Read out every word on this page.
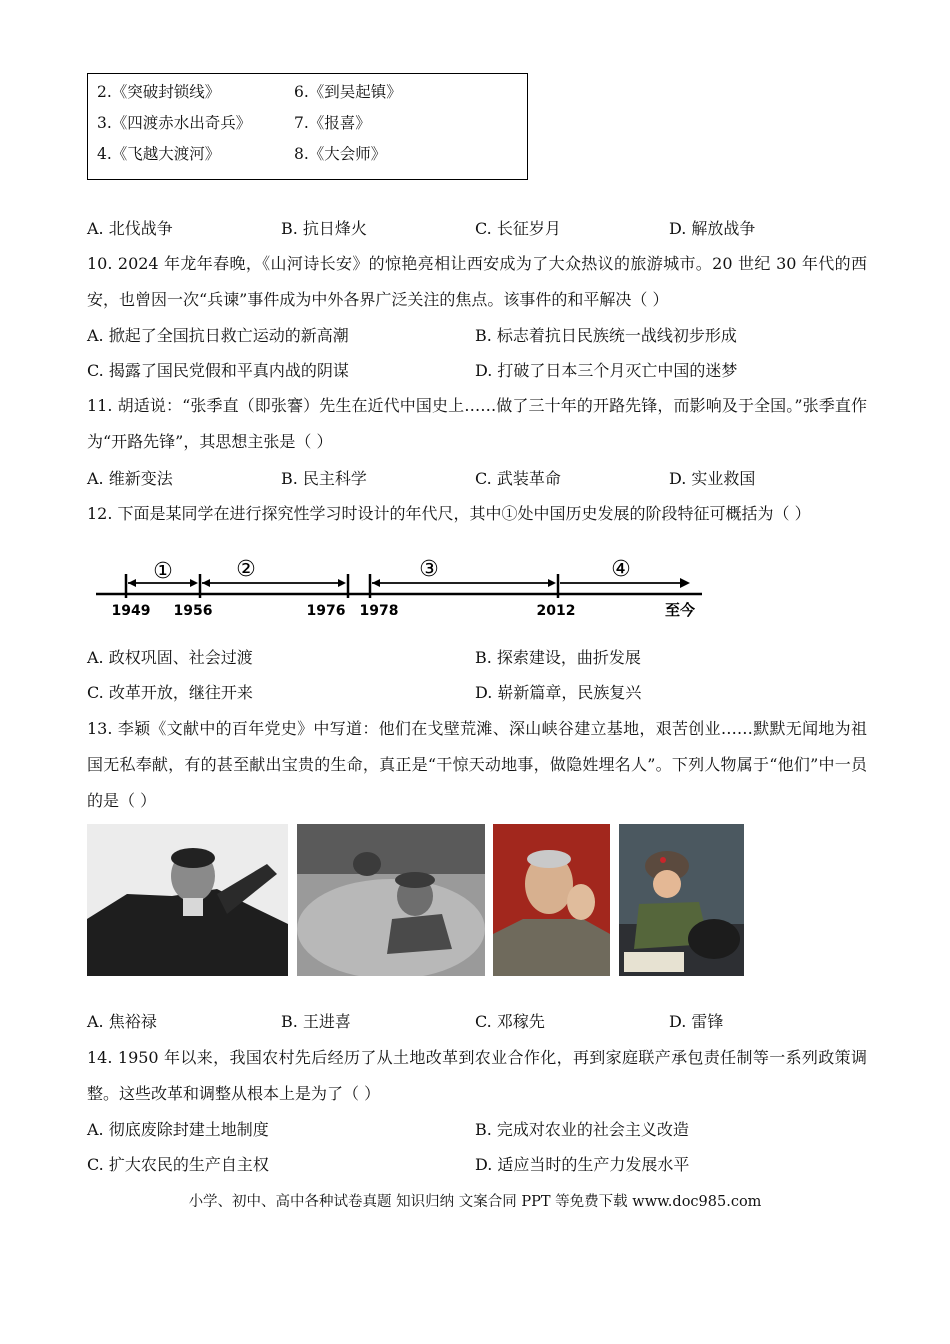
2.《突破封锁线》	6.《到吴起镇》
3.《四渡赤水出奇兵》	7.《报喜》
4.《飞越大渡河》	8.《大会师》
A. 北伐战争	B. 抗日烽火	C. 长征岁月	D. 解放战争
10. 2024 年龙年春晚，《山河诗长安》的惊艳亮相让西安成为了大众热议的旅游城市。20 世纪 30 年代的西安，也曾因一次“兵谏”事件成为中外各界广泛关注的焦点。该事件的和平解决（ ）
A. 掀起了全国抗日救亡运动的新高潮	B. 标志着抗日民族统一战线初步形成
C. 揭露了国民党假和平真内战的阴谋	D. 打破了日本三个月灭亡中国的迷梦
11. 胡适说：“张季直（即张謇）先生在近代中国史上……做了三十年的开路先锋，而影响及于全国。”张季直作为“开路先锋”，其思想主张是（ ）
A. 维新变法	B. 民主科学	C. 武装革命	D. 实业救国
12. 下面是某同学在进行探究性学习时设计的年代尺，其中①处中国历史发展的阶段特征可概括为（ ）
①	②	③	④
1949 1956	1976 1978	2012	至今
A. 政权巩固、社会过渡	B. 探索建设，曲折发展
C. 改革开放，继往开来	D. 崭新篇章，民族复兴
13. 李颖《文献中的百年党史》中写道：他们在戈壁荒滩、深山峡谷建立基地，艰苦创业……默默无闻地为祖国无私奉献，有的甚至献出宝贵的生命，真正是“干惊天动地事，做隐姓埋名人”。下列人物属于“他们”中一员的是（ ）
A. 焦裕禄	B. 王进喜	C. 邓稼先	D. 雷锋
14. 1950 年以来，我国农村先后经历了从土地改革到农业合作化，再到家庭联产承包责任制等一系列政策调整。这些改革和调整从根本上是为了（ ）
A. 彻底废除封建土地制度	B. 完成对农业的社会主义改造
C. 扩大农民的生产自主权	D. 适应当时的生产力发展水平
小学、初中、高中各种试卷真题 知识归纳 文案合同 PPT 等免费下载 www.doc985.com
